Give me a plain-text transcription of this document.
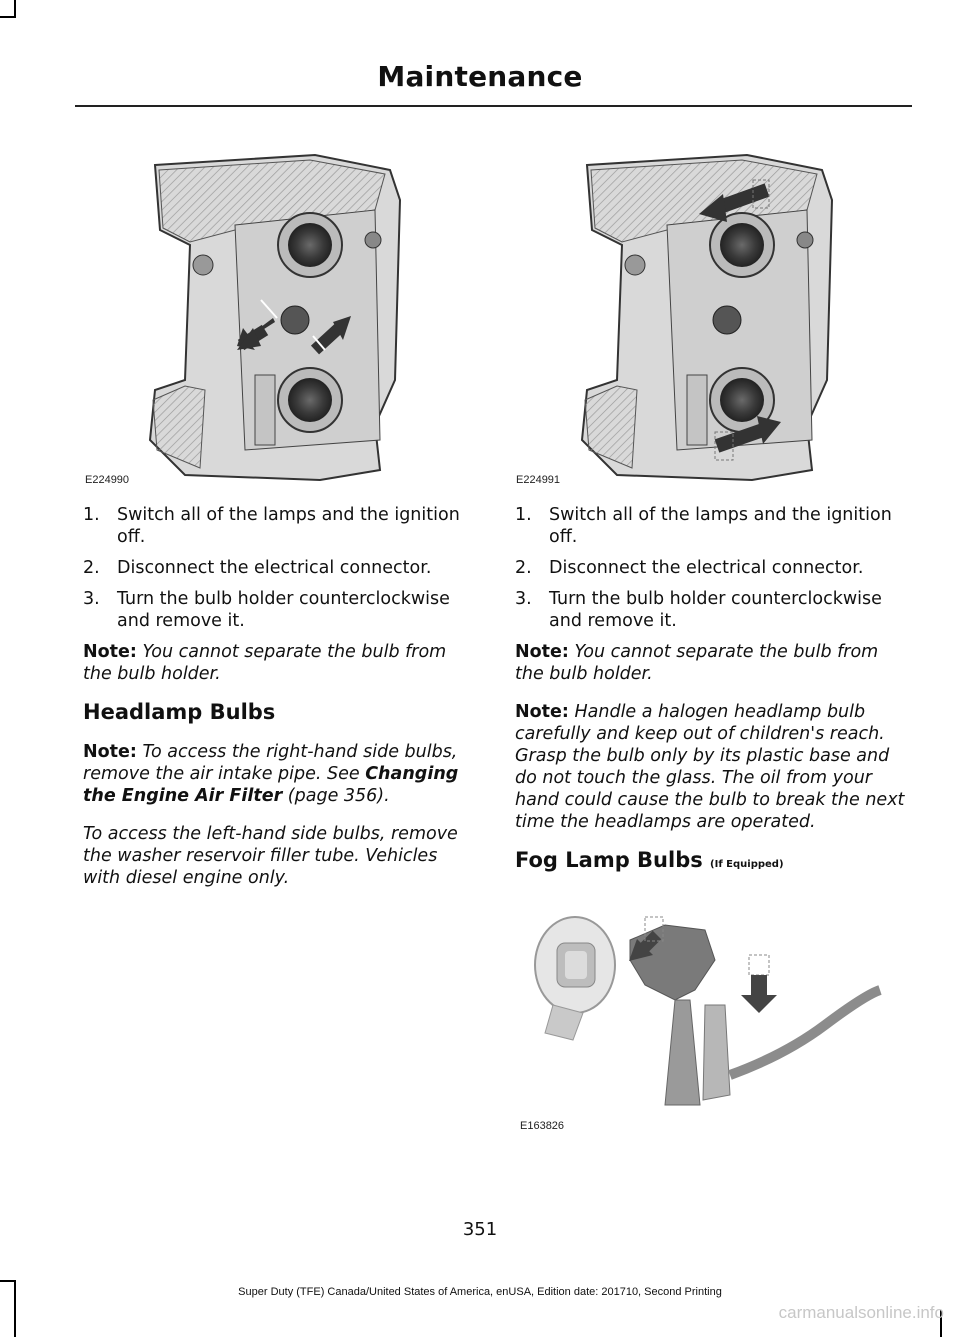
Maintenance
E224990	E224991
1. Switch all of the lamps and the ignition off.
2. Disconnect the electrical connector.
3. Turn the bulb holder counterclockwise and remove it.

Note: You cannot separate the bulb from the bulb holder.

Headlamp Bulbs

Note: To access the right-hand side bulbs, remove the air intake pipe. See Changing the Engine Air Filter (page 356).

To access the left-hand side bulbs, remove the washer reservoir filler tube. Vehicles with diesel engine only.

1. Switch all of the lamps and the ignition off.
2. Disconnect the electrical connector.
3. Turn the bulb holder counterclockwise and remove it.

Note: You cannot separate the bulb from the bulb holder.

Note: Handle a halogen headlamp bulb carefully and keep out of children's reach. Grasp the bulb only by its plastic base and do not touch the glass. The oil from your hand could cause the bulb to break the next time the headlamps are operated.

Fog Lamp Bulbs (If Equipped)
E163826
351
Super Duty (TFE) Canada/United States of America, enUSA, Edition date: 201710, Second Printing
carmanualsonline.info
